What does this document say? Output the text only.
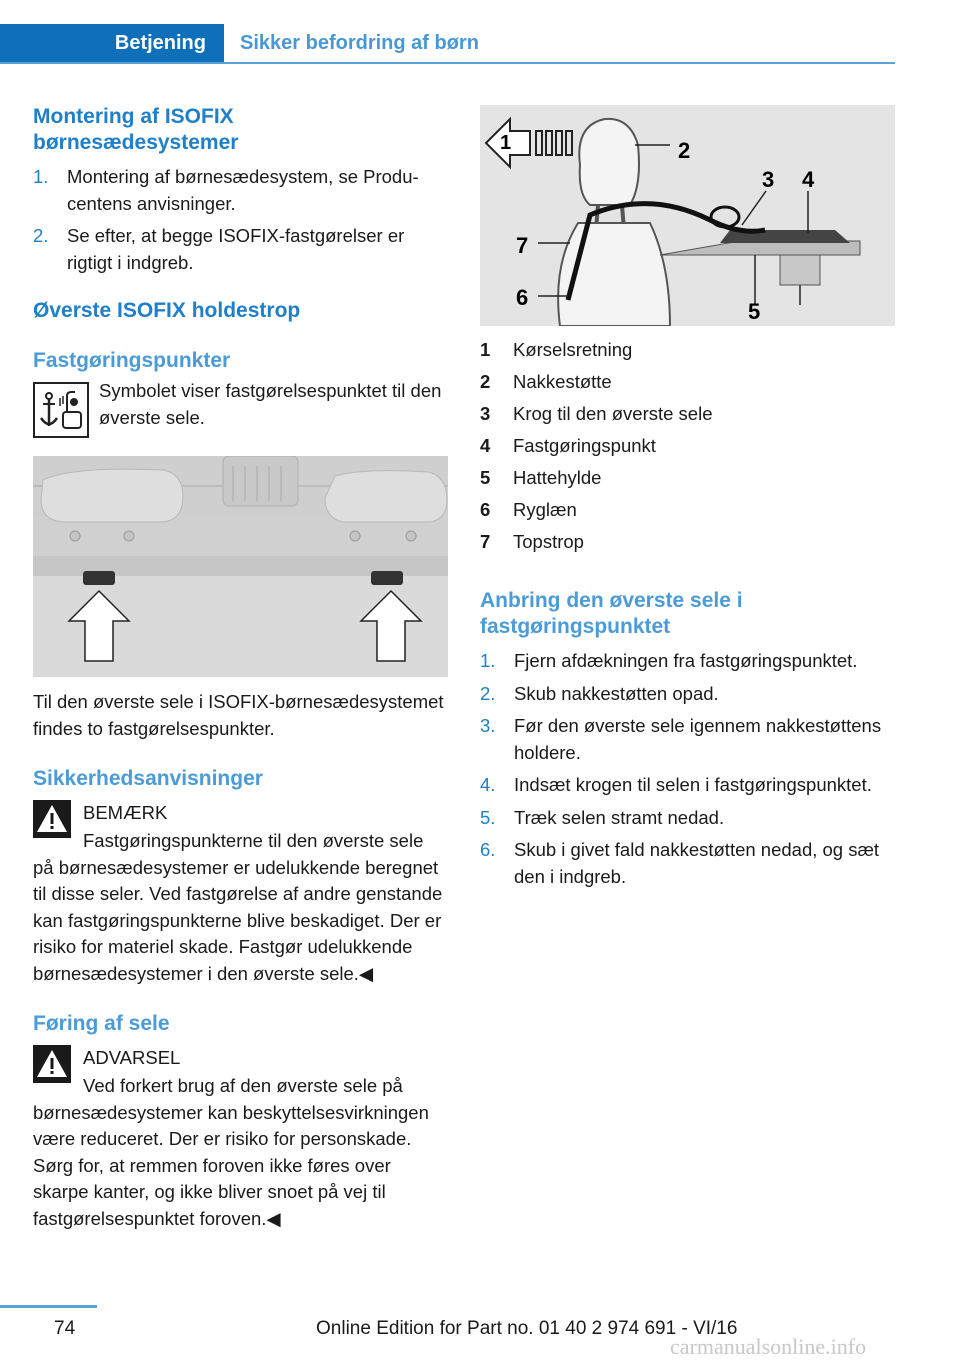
Betjening	Sikker befordring af børn
Montering af ISOFIX børnesædesystemer
1. Montering af børnesædesystem, se Producentens anvisninger.
2. Se efter, at begge ISOFIX-fastgørelser er rigtigt i indgreb.
Øverste ISOFIX holdestrop
Fastgøringspunkter
Symbolet viser fastgørelsespunktet til den øverste sele.
Til den øverste sele i ISOFIX-børnesædesystemet findes to fastgørelsespunkter.
Sikkerhedsanvisninger
BEMÆRK
Fastgøringspunkterne til den øverste sele på børnesædesystemer er udelukkende beregnet til disse seler. Ved fastgørelse af andre genstande kan fastgøringspunkterne blive beskadiget. Der er risiko for materiel skade. Fastgør udelukkende børnesædesystemer i den øverste sele.◀
Føring af sele
ADVARSEL
Ved forkert brug af den øverste sele på børnesædesystemer kan beskyttelsesvirkningen være reduceret. Der er risiko for personskade. Sørg for, at remmen foroven ikke føres over skarpe kanter, og ikke bliver snoet på vej til fastgørelsespunktet foroven.◀
1	2
3 4
5
6
7
1	Kørselsretning
2	Nakkestøtte
3	Krog til den øverste sele
4	Fastgøringspunkt
5	Hattehylde
6	Ryglæn
7	Topstrop
Anbring den øverste sele i fastgøringspunktet
1. Fjern afdækningen fra fastgøringspunktet.
2. Skub nakkestøtten opad.
3. Før den øverste sele igennem nakkestøttens holdere.
4. Indsæt krogen til selen i fastgøringspunktet.
5. Træk selen stramt nedad.
6. Skub i givet fald nakkestøtten nedad, og sæt den i indgreb.
74	Online Edition for Part no. 01 40 2 974 691 - VI/16
carmanualsonline.info
